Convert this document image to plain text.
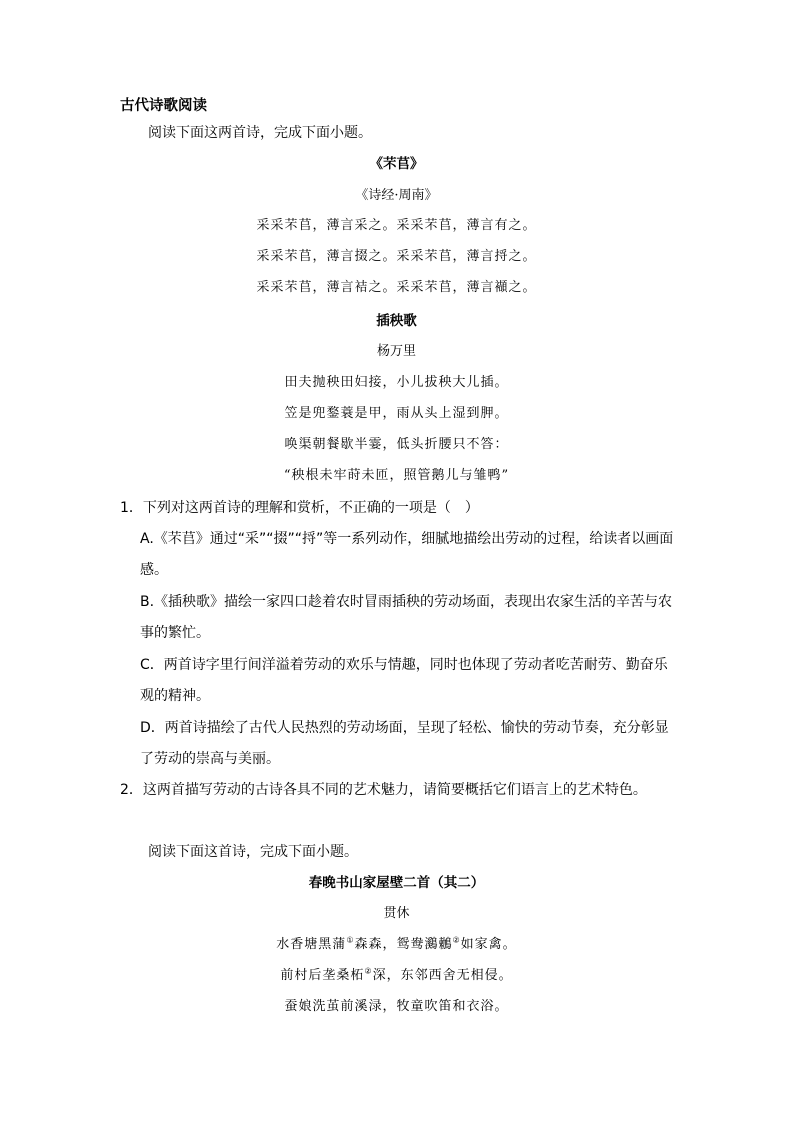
古代诗歌阅读
阅读下面这两首诗，完成下面小题。
《芣苢》
《诗经·周南》
采采芣苢，薄言采之。采采芣苢，薄言有之。
采采芣苢，薄言掇之。采采芣苢，薄言捋之。
采采芣苢，薄言袺之。采采芣苢，薄言襭之。
插秧歌
杨万里
田夫抛秧田妇接，小儿拔秧大儿插。
笠是兜鍪蓑是甲，雨从头上湿到胛。
唤渠朝餐歇半霎，低头折腰只不答：
“秧根未牢莳未匝，照管鹅儿与雏鸭”
1．下列对这两首诗的理解和赏析，不正确的一项是（　）
A.《芣苢》通过“采”“掇”“捋”等一系列动作，细腻地描绘出劳动的过程，给读者以画面
感。
B.《插秧歌》描绘一家四口趁着农时冒雨插秧的劳动场面，表现出农家生活的辛苦与农
事的繁忙。
C．两首诗字里行间洋溢着劳动的欢乐与情趣，同时也体现了劳动者吃苦耐劳、勤奋乐
观的精神。
D．两首诗描绘了古代人民热烈的劳动场面，呈现了轻松、愉快的劳动节奏，充分彰显
了劳动的崇高与美丽。
2．这两首描写劳动的古诗各具不同的艺术魅力，请简要概括它们语言上的艺术特色。
阅读下面这首诗，完成下面小题。
春晚书山家屋壁二首（其二）
贯休
水香塘黑蒲①森森，鸳鸯鸂鶒②如家禽。
前村后垄桑柘②深，东邻西舍无相侵。
蚕娘洗茧前溪渌，牧童吹笛和衣浴。
